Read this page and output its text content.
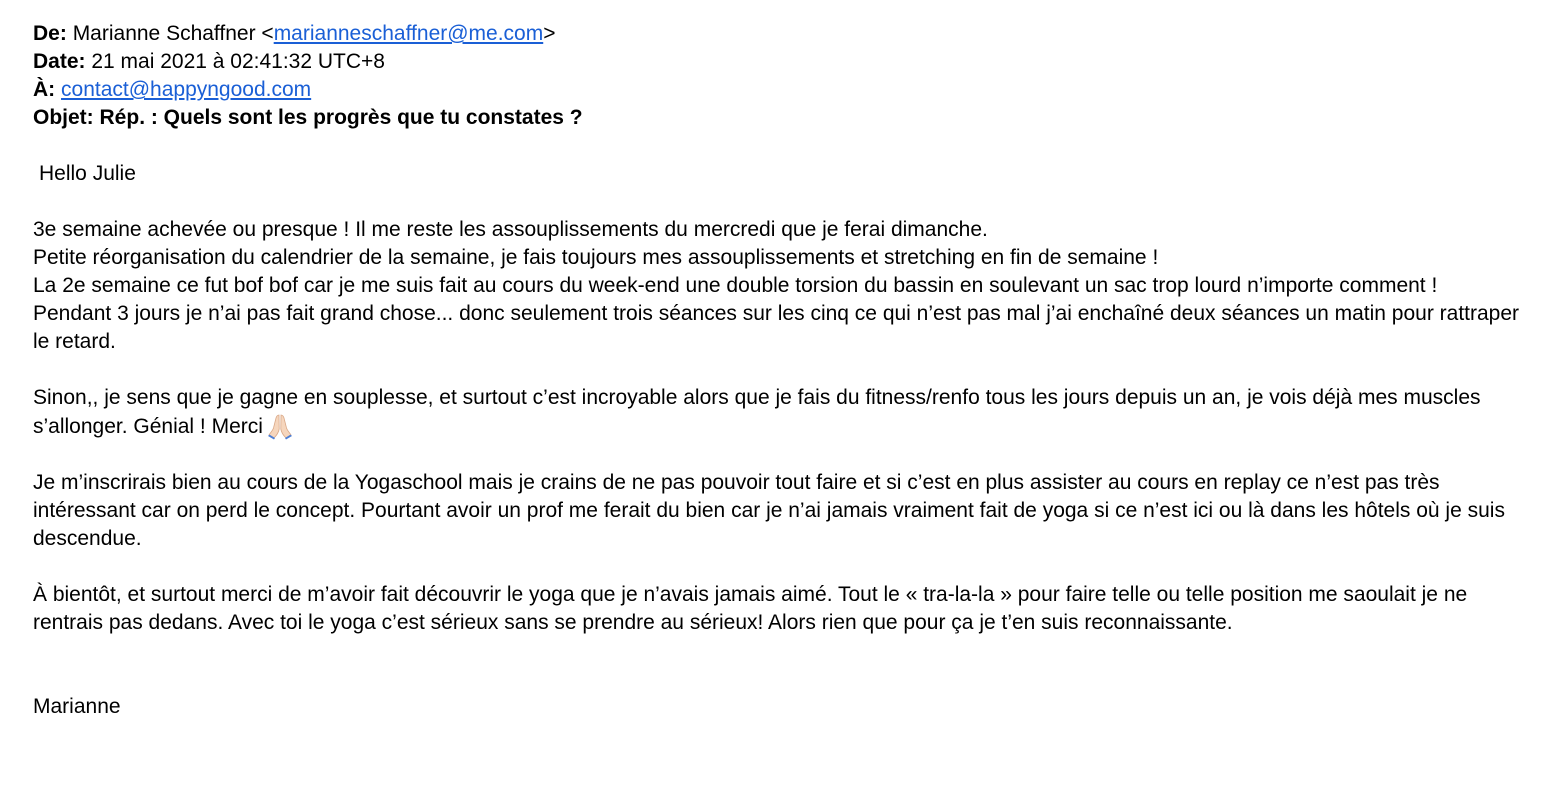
De: Marianne Schaffner <marianneschaffner@me.com>
Date: 21 mai 2021 à 02:41:32 UTC+8
À: contact@happyngood.com
Objet: Rép. : Quels sont les progrès que tu constates ?
Hello Julie

3e semaine achevée ou presque ! Il me reste les assouplissements du mercredi que je ferai dimanche.

Petite réorganisation du calendrier de la semaine, je fais toujours mes assouplissements et stretching en fin de semaine !

La 2e semaine ce fut bof bof car je me suis fait au cours du week-end une double torsion du bassin en soulevant un sac trop lourd n’importe comment !

Pendant 3 jours je n’ai pas fait grand chose... donc seulement trois séances sur les cinq ce qui n’est pas mal j’ai enchaîné deux séances un matin pour rattraper le retard.

Sinon,, je sens que je gagne en souplesse, et surtout c’est incroyable alors que je fais du fitness/renfo tous les jours depuis un an, je vois déjà mes muscles s’allonger. Génial ! Merci

Je m’inscrirais bien au cours de la Yogaschool mais je crains de ne pas pouvoir tout faire et si c’est en plus assister au cours en replay ce n’est pas très intéressant car on perd le concept. Pourtant avoir un prof me ferait du bien car je n’ai jamais vraiment fait de yoga si ce n’est ici ou là dans les hôtels où je suis descendue.

À bientôt, et surtout merci de m’avoir fait découvrir le yoga que je n’avais jamais aimé. Tout le « tra-la-la » pour faire telle ou telle position me saoulait je ne rentrais pas dedans. Avec toi le yoga c’est sérieux sans se prendre au sérieux! Alors rien que pour ça je t’en suis reconnaissante.

Marianne
